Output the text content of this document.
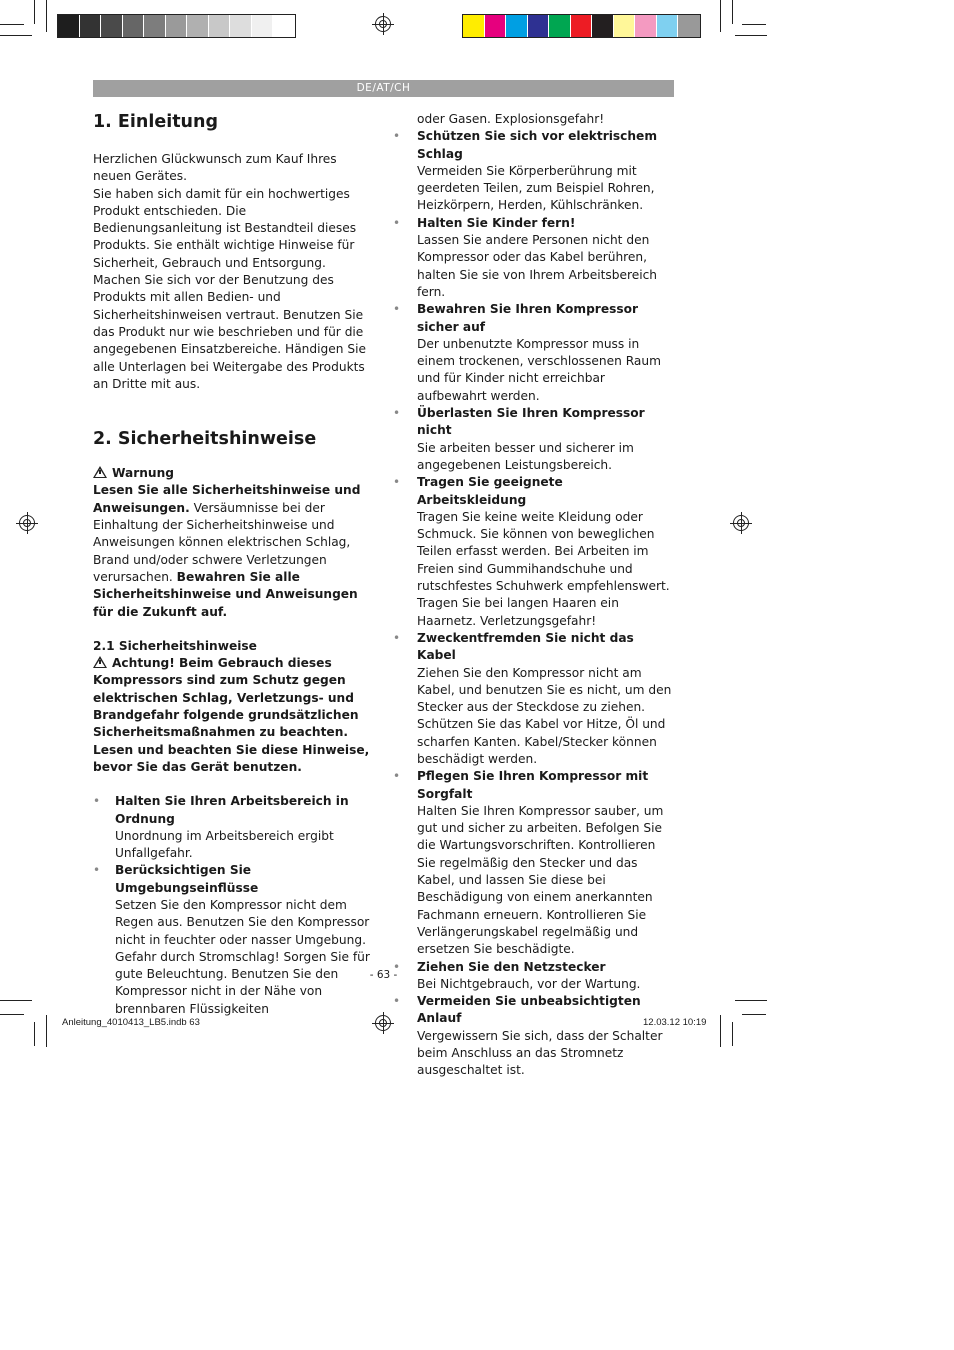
DE/AT/CH
1. Einleitung

Herzlichen Glückwunsch zum Kauf Ihres neuen Gerätes.

Sie haben sich damit für ein hochwertiges Produkt entschieden. Die Bedienungsanleitung ist Bestandteil dieses Produkts. Sie enthält wichtige Hinweise für Sicherheit, Gebrauch und Entsorgung. Machen Sie sich vor der Benutzung des Produkts mit allen Bedien- und Sicherheitshinweisen vertraut. Benutzen Sie das Produkt nur wie beschrieben und für die angegebenen Einsatzbereiche. Händigen Sie alle Unterlagen bei Weitergabe des Produkts an Dritte mit aus.

2. Sicherheitshinweise

Warnung

Lesen Sie alle Sicherheitshinweise und Anweisungen. Versäumnisse bei der Einhaltung der Sicherheitshinweise und Anweisungen können elektrischen Schlag, Brand und/oder schwere Verletzungen verursachen. Bewahren Sie alle Sicherheitshinweise und Anweisungen für die Zukunft auf.

2.1 Sicherheitshinweise

Achtung! Beim Gebrauch dieses Kompressors sind zum Schutz gegen elektrischen Schlag, Verletzungs- und Brandgefahr folgende grundsätzlichen Sicherheitsmaßnahmen zu beachten. Lesen und beachten Sie diese Hinweise, bevor Sie das Gerät benutzen.

• Halten Sie Ihren Arbeitsbereich in Ordnung
Unordnung im Arbeitsbereich ergibt Unfallgefahr.
• Berücksichtigen Sie Umgebungseinflüsse
Setzen Sie den Kompressor nicht dem Regen aus. Benutzen Sie den Kompressor nicht in feuchter oder nasser Umgebung. Gefahr durch Stromschlag! Sorgen Sie für gute Beleuchtung. Benutzen Sie den Kompressor nicht in der Nähe von brennbaren Flüssigkeiten

oder Gasen. Explosionsgefahr!

• Schützen Sie sich vor elektrischem Schlag
Vermeiden Sie Körperberührung mit geerdeten Teilen, zum Beispiel Rohren, Heizkörpern, Herden, Kühlschränken.
• Halten Sie Kinder fern!
Lassen Sie andere Personen nicht den Kompressor oder das Kabel berühren, halten Sie sie von Ihrem Arbeitsbereich fern.
• Bewahren Sie Ihren Kompressor sicher auf
Der unbenutzte Kompressor muss in einem trockenen, verschlossenen Raum und für Kinder nicht erreichbar aufbewahrt werden.
• Überlasten Sie Ihren Kompressor nicht
Sie arbeiten besser und sicherer im angegebenen Leistungsbereich.
• Tragen Sie geeignete Arbeitskleidung
Tragen Sie keine weite Kleidung oder Schmuck. Sie können von beweglichen Teilen erfasst werden. Bei Arbeiten im Freien sind Gummihandschuhe und rutschfestes Schuhwerk empfehlenswert. Tragen Sie bei langen Haaren ein Haarnetz. Verletzungsgefahr!
• Zweckentfremden Sie nicht das Kabel
Ziehen Sie den Kompressor nicht am Kabel, und benutzen Sie es nicht, um den Stecker aus der Steckdose zu ziehen. Schützen Sie das Kabel vor Hitze, Öl und scharfen Kanten. Kabel/Stecker können beschädigt werden.
• Pflegen Sie Ihren Kompressor mit Sorgfalt
Halten Sie Ihren Kompressor sauber, um gut und sicher zu arbeiten. Befolgen Sie die Wartungsvorschriften. Kontrollieren Sie regelmäßig den Stecker und das Kabel, und lassen Sie diese bei Beschädigung von einem anerkannten Fachmann erneuern. Kontrollieren Sie Verlängerungskabel regelmäßig und ersetzen Sie beschädigte.
• Ziehen Sie den Netzstecker
Bei Nichtgebrauch, vor der Wartung.
• Vermeiden Sie unbeabsichtigten Anlauf
Vergewissern Sie sich, dass der Schalter beim Anschluss an das Stromnetz ausgeschaltet ist.
- 63 -
Anleitung_4010413_LB5.indb 63	12.03.12 10:19
